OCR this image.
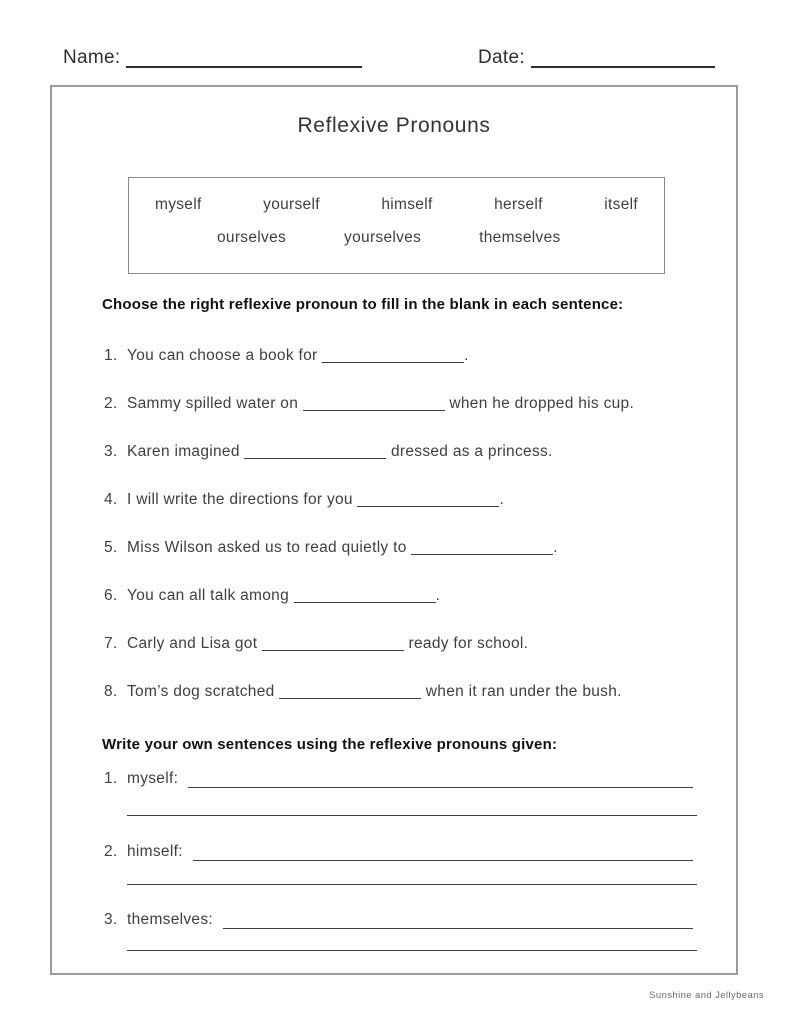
Name:	Date:
Reflexive Pronouns
myself	yourself	himself	herself	itself
ourselves	yourselves	themselves
Choose the right reflexive pronoun to fill in the blank in each sentence:
1. You can choose a book for	.
2. Sammy spilled water on	when he dropped his cup.
3. Karen imagined	dressed as a princess.
4. I will write the directions for you	.
5. Miss Wilson asked us to read quietly to	.
6. You can all talk among	.
7. Carly and Lisa got	ready for school.
8. Tom’s dog scratched	when it ran under the bush.
Write your own sentences using the reflexive pronouns given:
1. myself:
2. himself:
3. themselves:
Sunshine and Jellybeans
